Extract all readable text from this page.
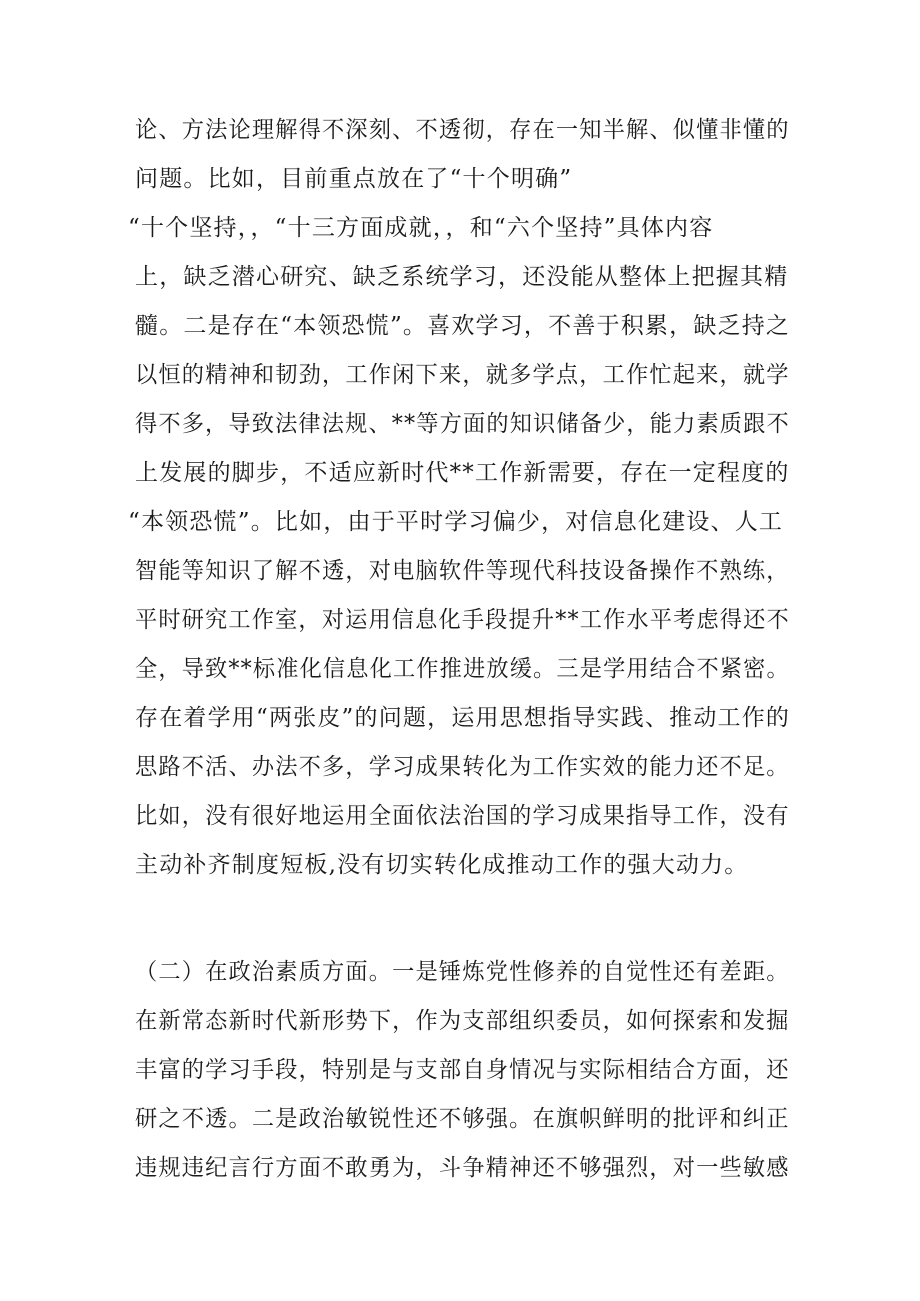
论、方法论理解得不深刻、不透彻，存在一知半解、似懂非懂的
问题。比如，目前重点放在了“十个明确”
“十个坚持，，“十三方面成就，，和“六个坚持”具体内容
上，缺乏潜心研究、缺乏系统学习，还没能从整体上把握其精
髓。二是存在“本领恐慌”。喜欢学习，不善于积累，缺乏持之
以恒的精神和韧劲，工作闲下来，就多学点，工作忙起来，就学
得不多，导致法律法规、**等方面的知识储备少，能力素质跟不
上发展的脚步，不适应新时代**工作新需要，存在一定程度的
“本领恐慌”。比如，由于平时学习偏少，对信息化建设、人工
智能等知识了解不透，对电脑软件等现代科技设备操作不熟练，
平时研究工作室，对运用信息化手段提升**工作水平考虑得还不
全，导致**标准化信息化工作推进放缓。三是学用结合不紧密。
存在着学用“两张皮”的问题，运用思想指导实践、推动工作的
思路不活、办法不多，学习成果转化为工作实效的能力还不足。
比如，没有很好地运用全面依法治国的学习成果指导工作，没有
主动补齐制度短板,没有切实转化成推动工作的强大动力。
（二）在政治素质方面。一是锤炼党性修养的自觉性还有差距。
在新常态新时代新形势下，作为支部组织委员，如何探索和发掘
丰富的学习手段，特别是与支部自身情况与实际相结合方面，还
研之不透。二是政治敏锐性还不够强。在旗帜鲜明的批评和纠正
违规违纪言行方面不敢勇为，斗争精神还不够强烈，对一些敏感
